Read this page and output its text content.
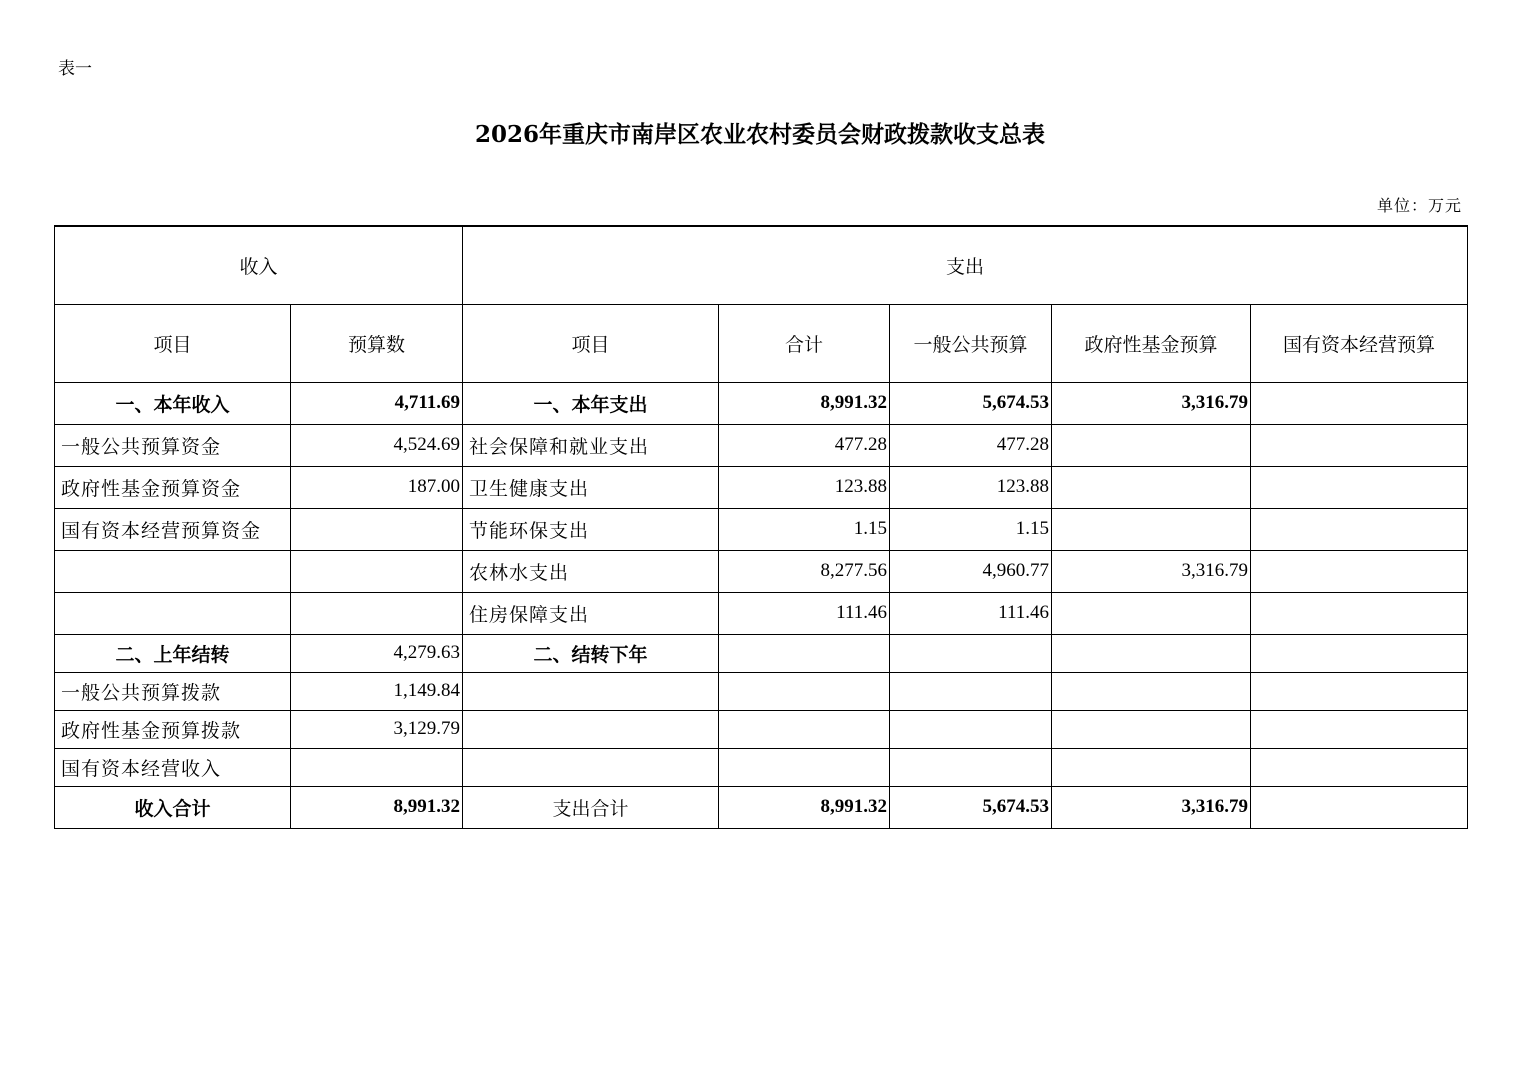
表一
2026年重庆市南岸区农业农村委员会财政拨款收支总表
单位：万元
收入		支出				
项目	预算数	项目	合计	一般公共预算	政府性基金预算	国有资本经营预算
一、本年收入	4,711.69	一、本年支出	8,991.32	5,674.53	3,316.79	
一般公共预算资金	4,524.69	社会保障和就业支出	477.28	477.28		
政府性基金预算资金	187.00	卫生健康支出	123.88	123.88		
国有资本经营预算资金		节能环保支出	1.15	1.15		
		农林水支出	8,277.56	4,960.77	3,316.79	
		住房保障支出	111.46	111.46		
二、上年结转	4,279.63	二、结转下年				
一般公共预算拨款	1,149.84					
政府性基金预算拨款	3,129.79					
国有资本经营收入						
收入合计	8,991.32	支出合计	8,991.32	5,674.53	3,316.79	
